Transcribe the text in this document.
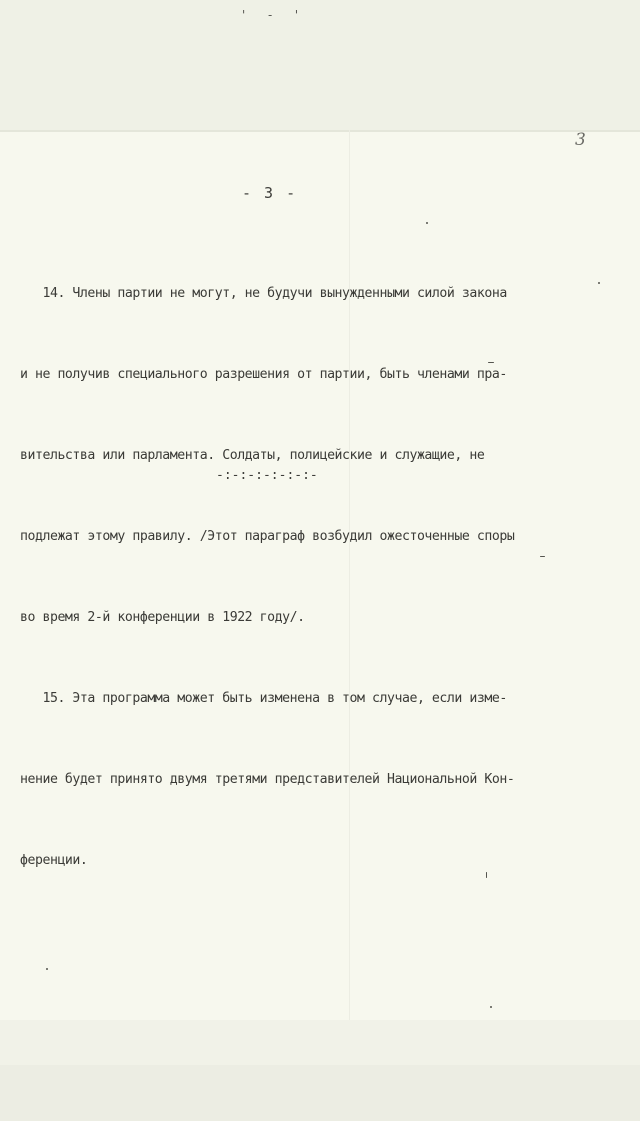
' - '
3
- 3 -

14. Члены партии не могут, не будучи вынужденными силой закона

и не получив специального разрешения от партии, быть членами пра-

вительства или парламента. Солдаты, полицейские и служащие, не

подлежат этому правилу. /Этот параграф возбудил ожесточенные споры

во время 2-й конференции в 1922 году/.

15. Эта программа может быть изменена в том случае, если изме-

нение будет принято двумя третями представителей Национальной Кон-

ференции.

-:-:-:-:-:-:-
